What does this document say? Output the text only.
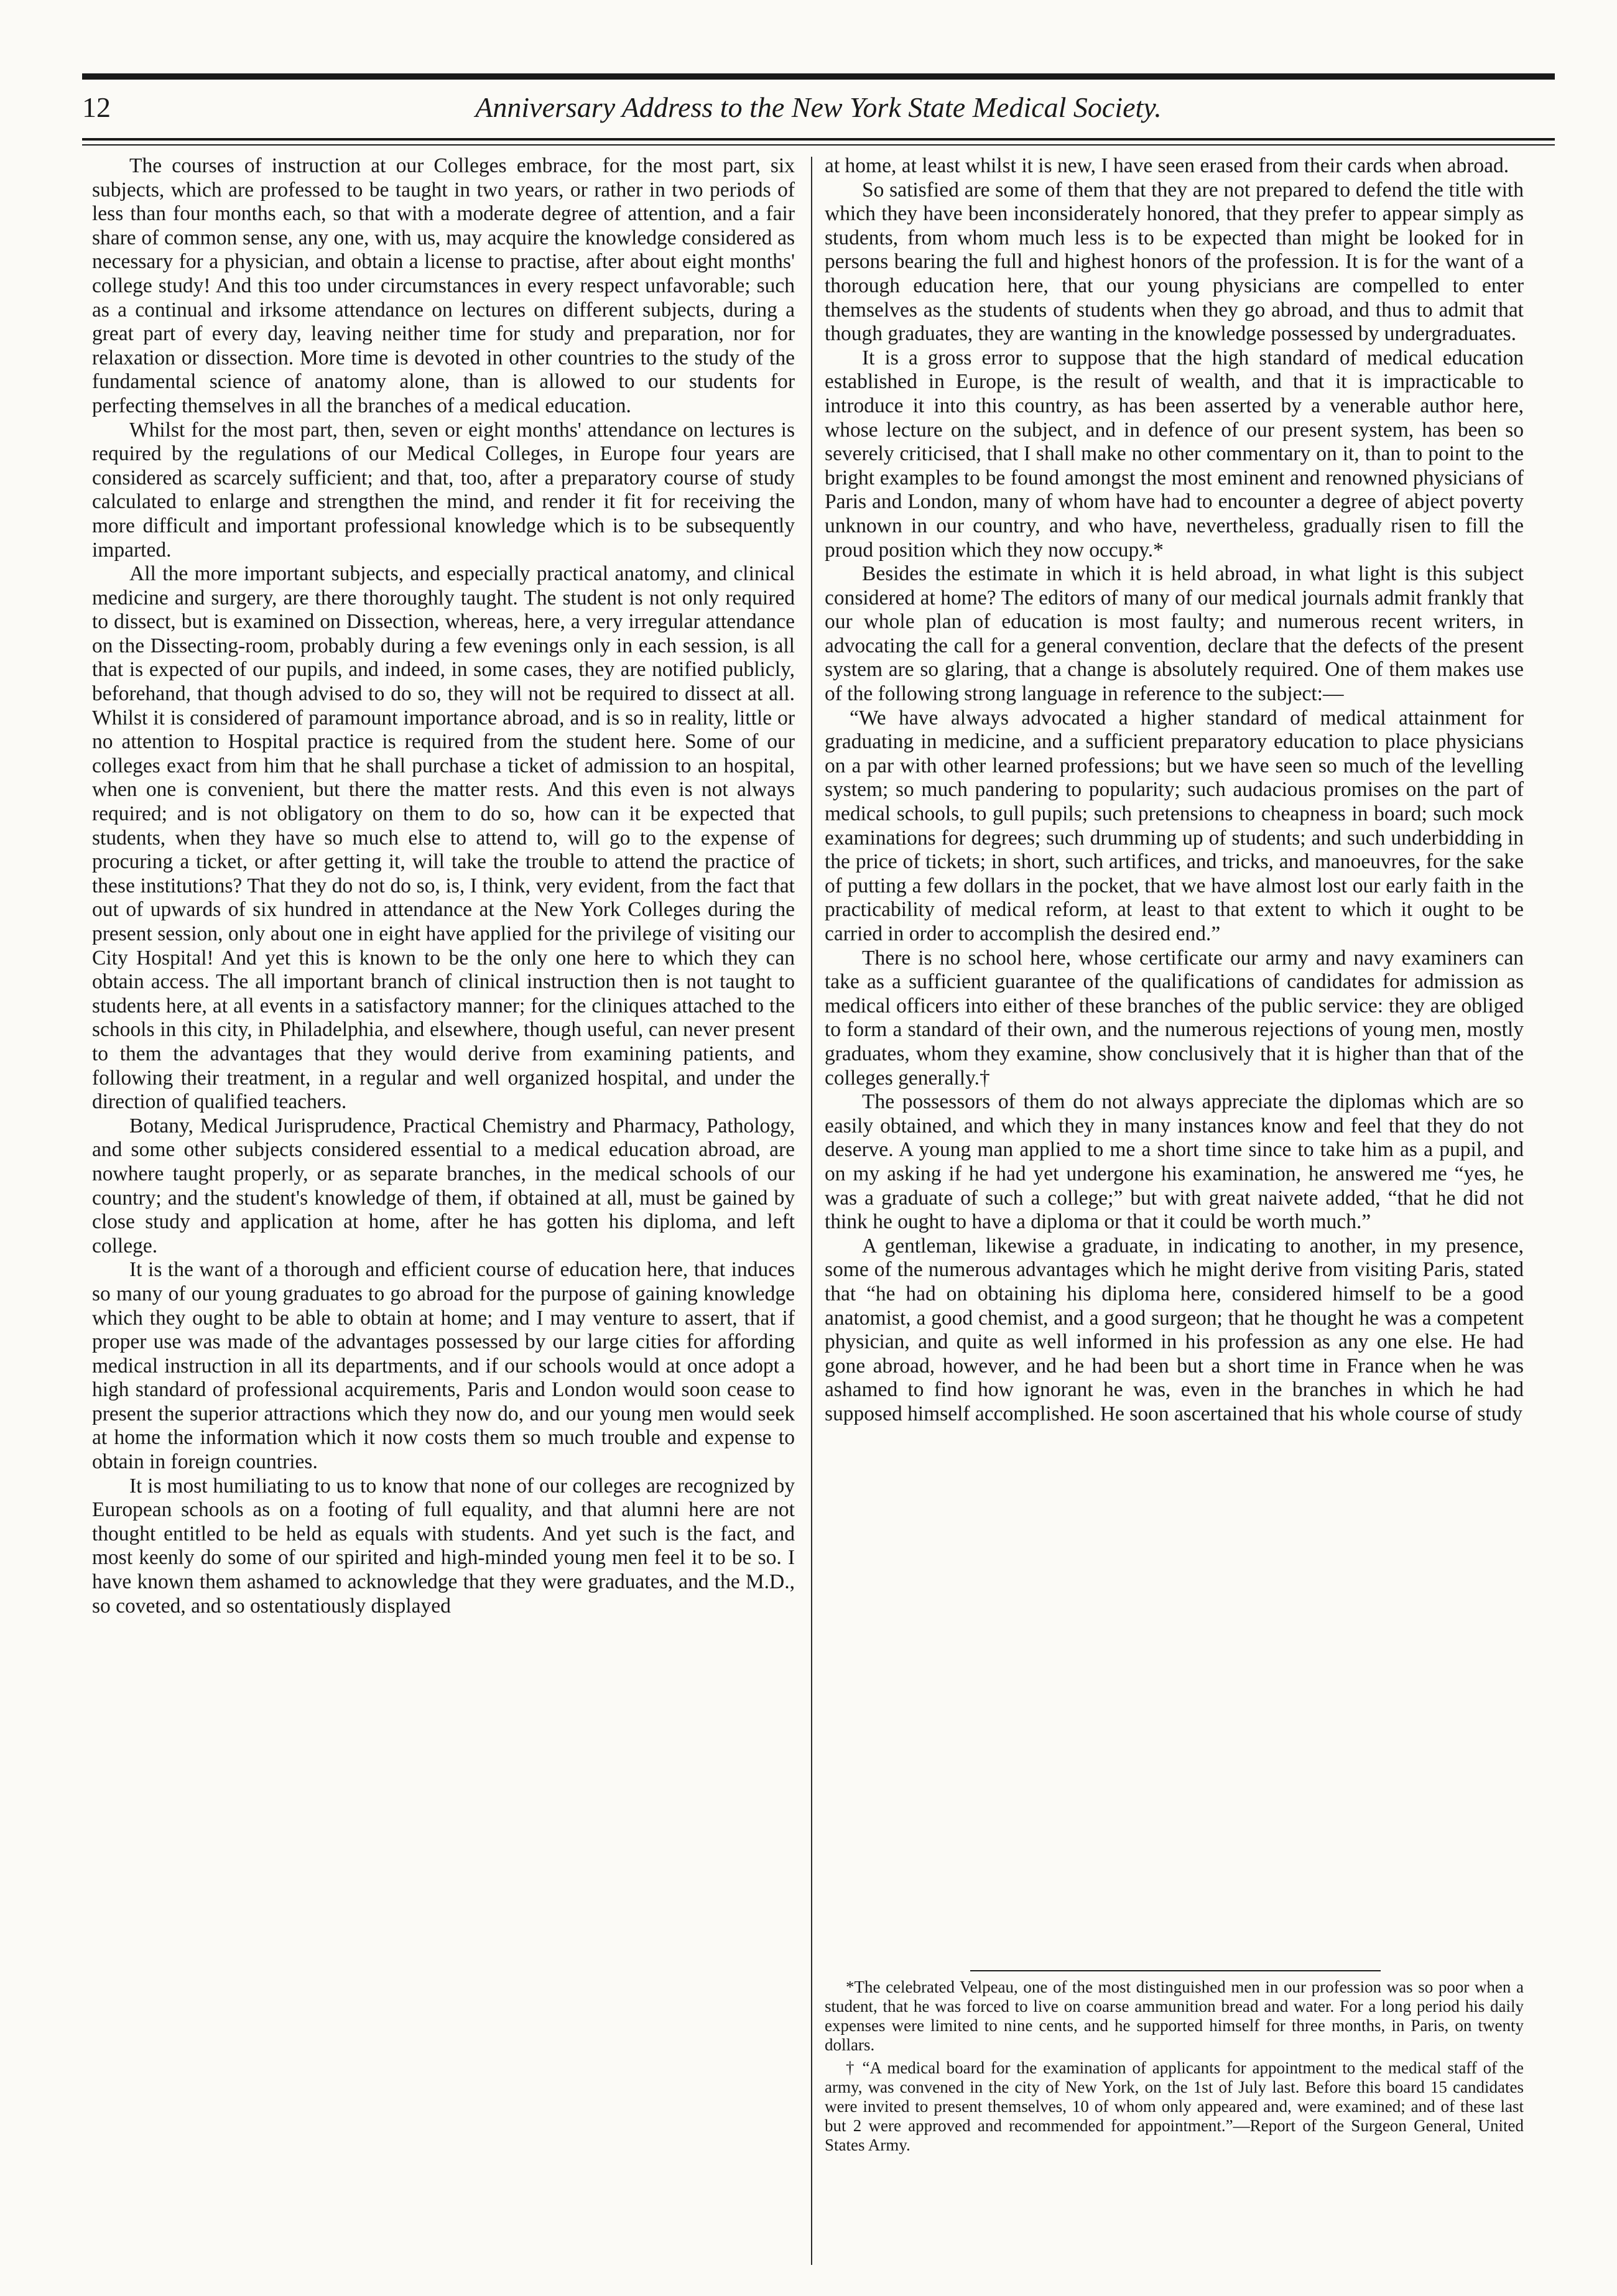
12	Anniversary Address to the New York State Medical Society.

The courses of instruction at our Colleges embrace, for the most part, six subjects, which are professed to be taught in two years, or rather in two periods of less than four months each, so that with a moderate degree of attention, and a fair share of common sense, any one, with us, may acquire the knowledge considered as necessary for a physician, and obtain a license to practise, after about eight months' college study! And this too under circumstances in every respect unfavorable; such as a continual and irksome attendance on lectures on different subjects, during a great part of every day, leaving neither time for study and preparation, nor for relaxation or dissection. More time is devoted in other countries to the study of the fundamental science of anatomy alone, than is allowed to our students for perfecting themselves in all the branches of a medical education.

Whilst for the most part, then, seven or eight months' attendance on lectures is required by the regulations of our Medical Colleges, in Europe four years are considered as scarcely sufficient; and that, too, after a preparatory course of study calculated to enlarge and strengthen the mind, and render it fit for receiving the more difficult and important professional knowledge which is to be subsequently imparted.

All the more important subjects, and especially practical anatomy, and clinical medicine and surgery, are there thoroughly taught. The student is not only required to dissect, but is examined on Dissection, whereas, here, a very irregular attendance on the Dissecting-room, probably during a few evenings only in each session, is all that is expected of our pupils, and indeed, in some cases, they are notified publicly, beforehand, that though advised to do so, they will not be required to dissect at all. Whilst it is considered of paramount importance abroad, and is so in reality, little or no attention to Hospital practice is required from the student here. Some of our colleges exact from him that he shall purchase a ticket of admission to an hospital, when one is convenient, but there the matter rests. And this even is not always required; and is not obligatory on them to do so, how can it be expected that students, when they have so much else to attend to, will go to the expense of procuring a ticket, or after getting it, will take the trouble to attend the practice of these institutions? That they do not do so, is, I think, very evident, from the fact that out of upwards of six hundred in attendance at the New York Colleges during the present session, only about one in eight have applied for the privilege of visiting our City Hospital! And yet this is known to be the only one here to which they can obtain access. The all important branch of clinical instruction then is not taught to students here, at all events in a satisfactory manner; for the cliniques attached to the schools in this city, in Philadelphia, and elsewhere, though useful, can never present to them the advantages that they would derive from examining patients, and following their treatment, in a regular and well organized hospital, and under the direction of qualified teachers.

Botany, Medical Jurisprudence, Practical Chemistry and Pharmacy, Pathology, and some other subjects considered essential to a medical education abroad, are nowhere taught properly, or as separate branches, in the medical schools of our country; and the student's knowledge of them, if obtained at all, must be gained by close study and application at home, after he has gotten his diploma, and left college.

It is the want of a thorough and efficient course of education here, that induces so many of our young graduates to go abroad for the purpose of gaining knowledge which they ought to be able to obtain at home; and I may venture to assert, that if proper use was made of the advantages possessed by our large cities for affording medical instruction in all its departments, and if our schools would at once adopt a high standard of professional acquirements, Paris and London would soon cease to present the superior attractions which they now do, and our young men would seek at home the information which it now costs them so much trouble and expense to obtain in foreign countries.

It is most humiliating to us to know that none of our colleges are recognized by European schools as on a footing of full equality, and that alumni here are not thought entitled to be held as equals with students. And yet such is the fact, and most keenly do some of our spirited and high-minded young men feel it to be so. I have known them ashamed to acknowledge that they were graduates, and the M.D., so coveted, and so ostentatiously displayed

at home, at least whilst it is new, I have seen erased from their cards when abroad.

So satisfied are some of them that they are not prepared to defend the title with which they have been inconsiderately honored, that they prefer to appear simply as students, from whom much less is to be expected than might be looked for in persons bearing the full and highest honors of the profession. It is for the want of a thorough education here, that our young physicians are compelled to enter themselves as the students of students when they go abroad, and thus to admit that though graduates, they are wanting in the knowledge possessed by undergraduates.

It is a gross error to suppose that the high standard of medical education established in Europe, is the result of wealth, and that it is impracticable to introduce it into this country, as has been asserted by a venerable author here, whose lecture on the subject, and in defence of our present system, has been so severely criticised, that I shall make no other commentary on it, than to point to the bright examples to be found amongst the most eminent and renowned physicians of Paris and London, many of whom have had to encounter a degree of abject poverty unknown in our country, and who have, nevertheless, gradually risen to fill the proud position which they now occupy.*

Besides the estimate in which it is held abroad, in what light is this subject considered at home? The editors of many of our medical journals admit frankly that our whole plan of education is most faulty; and numerous recent writers, in advocating the call for a general convention, declare that the defects of the present system are so glaring, that a change is absolutely required. One of them makes use of the following strong language in reference to the subject:—

“We have always advocated a higher standard of medical attainment for graduating in medicine, and a sufficient preparatory education to place physicians on a par with other learned professions; but we have seen so much of the levelling system; so much pandering to popularity; such audacious promises on the part of medical schools, to gull pupils; such pretensions to cheapness in board; such mock examinations for degrees; such drumming up of students; and such underbidding in the price of tickets; in short, such artifices, and tricks, and manoeuvres, for the sake of putting a few dollars in the pocket, that we have almost lost our early faith in the practicability of medical reform, at least to that extent to which it ought to be carried in order to accomplish the desired end.”

There is no school here, whose certificate our army and navy examiners can take as a sufficient guarantee of the qualifications of candidates for admission as medical officers into either of these branches of the public service: they are obliged to form a standard of their own, and the numerous rejections of young men, mostly graduates, whom they examine, show conclusively that it is higher than that of the colleges generally.†

The possessors of them do not always appreciate the diplomas which are so easily obtained, and which they in many instances know and feel that they do not deserve. A young man applied to me a short time since to take him as a pupil, and on my asking if he had yet undergone his examination, he answered me “yes, he was a graduate of such a college;” but with great naivete added, “that he did not think he ought to have a diploma or that it could be worth much.”

A gentleman, likewise a graduate, in indicating to another, in my presence, some of the numerous advantages which he might derive from visiting Paris, stated that “he had on obtaining his diploma here, considered himself to be a good anatomist, a good chemist, and a good surgeon; that he thought he was a competent physician, and quite as well informed in his profession as any one else. He had gone abroad, however, and he had been but a short time in France when he was ashamed to find how ignorant he was, even in the branches in which he had supposed himself accomplished. He soon ascertained that his whole course of study

*The celebrated Velpeau, one of the most distinguished men in our profession was so poor when a student, that he was forced to live on coarse ammunition bread and water. For a long period his daily expenses were limited to nine cents, and he supported himself for three months, in Paris, on twenty dollars.

† “A medical board for the examination of applicants for appointment to the medical staff of the army, was convened in the city of New York, on the 1st of July last. Before this board 15 candidates were invited to present themselves, 10 of whom only appeared and, were examined; and of these last but 2 were approved and recommended for appointment.”—Report of the Surgeon General, United States Army.
